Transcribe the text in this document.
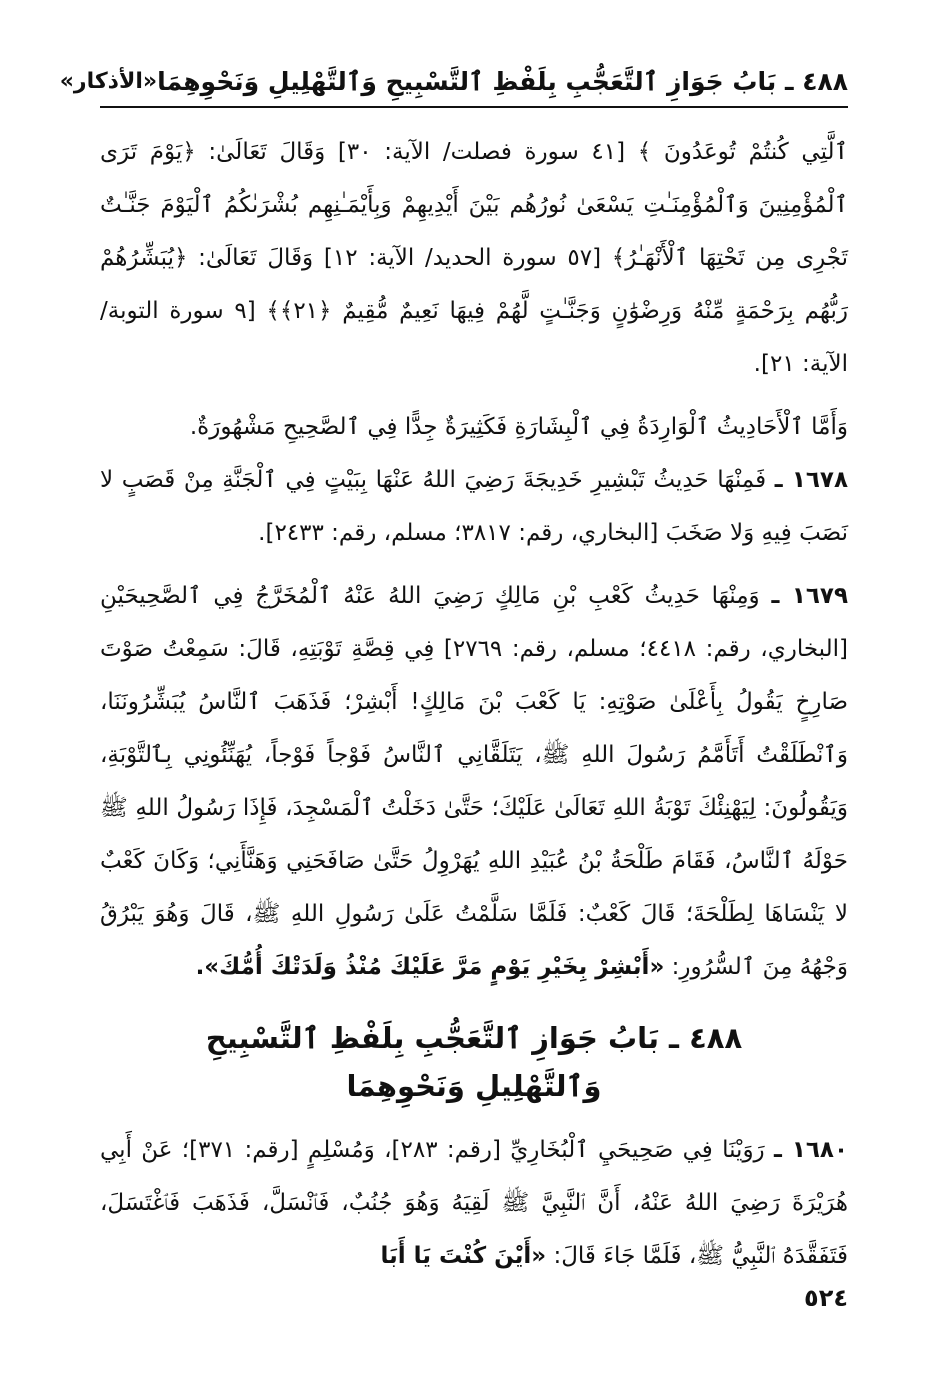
٤٨٨ ـ بَابُ جَوَازِ ٱلتَّعَجُّبِ بِلَفْظِ ٱلتَّسْبِيحِ وَٱلتَّهْلِيلِ وَنَحْوِهِمَا
«الأذكار»

ٱلَّتِي كُنتُمْ تُوعَدُونَ ﴾ [٤١ سورة فصلت/ الآية: ٣٠] وَقَالَ تَعَالَىٰ: ﴿يَوْمَ تَرَى ٱلْمُؤْمِنِينَ وَٱلْمُؤْمِنَـٰتِ يَسْعَىٰ نُورُهُم بَيْنَ أَيْدِيهِمْ وَبِأَيْمَـٰنِهِم بُشْرَىٰكُمُ ٱلْيَوْمَ جَنَّـٰتٌ تَجْرِى مِن تَحْتِهَا ٱلْأَنْهَـٰرُ﴾ [٥٧ سورة الحديد/ الآية: ١٢] وَقَالَ تَعَالَىٰ: ﴿يُبَشِّرُهُمْ رَبُّهُم بِرَحْمَةٍ مِّنْهُ وَرِضْوَٰنٍ وَجَنَّـٰتٍ لَّهُمْ فِيهَا نَعِيمٌ مُّقِيمٌ ﴿٢١﴾﴾ [٩ سورة التوبة/ الآية: ٢١].

وَأَمَّا ٱلْأَحَادِيثُ ٱلْوَارِدَةُ فِي ٱلْبِشَارَةِ فَكَثِيرَةٌ جِدًّا فِي ٱلصَّحِيحِ مَشْهُورَةٌ.

١٦٧٨ ـ فَمِنْهَا حَدِيثُ تَبْشِيرِ خَدِيجَةَ رَضِيَ اللهُ عَنْهَا بِبَيْتٍ فِي ٱلْجَنَّةِ مِنْ قَصَبٍ لا نَصَبَ فِيهِ وَلا صَخَبَ [البخاري، رقم: ٣٨١٧؛ مسلم، رقم: ٢٤٣٣].

١٦٧٩ ـ وَمِنْهَا حَدِيثُ كَعْبِ بْنِ مَالِكٍ رَضِيَ اللهُ عَنْهُ ٱلْمُخَرَّجُ فِي ٱلصَّحِيحَيْنِ [البخاري، رقم: ٤٤١٨؛ مسلم، رقم: ٢٧٦٩] فِي قِصَّةِ تَوْبَتِهِ، قَالَ: سَمِعْتُ صَوْتَ صَارِخٍ يَقُولُ بِأَعْلَىٰ صَوْتِهِ: يَا كَعْبَ بْنَ مَالِكٍ! أَبْشِرْ؛ فَذَهَبَ ٱلنَّاسُ يُبَشِّرُونَنَا، وَٱنْطَلَقْتُ أَتَأَمَّمُ رَسُولَ اللهِ ﷺ، يَتَلَقَّانِي ٱلنَّاسُ فَوْجاً فَوْجاً، يُهَنِّئُونِي بِٱلتَّوْبَةِ، وَيَقُولُونَ: لِيَهْنِئْكَ تَوْبَةُ اللهِ تَعَالَىٰ عَلَيْكَ؛ حَتَّىٰ دَخَلْتُ ٱلْمَسْجِدَ، فَإِذَا رَسُولُ اللهِ ﷺ حَوْلَهُ ٱلنَّاسُ، فَقَامَ طَلْحَةُ بْنُ عُبَيْدِ اللهِ يُهَرْوِلُ حَتَّىٰ صَافَحَنِي وَهَنَّأَنِي؛ وَكَانَ كَعْبٌ لا يَنْسَاهَا لِطَلْحَةَ؛ قَالَ كَعْبٌ: فَلَمَّا سَلَّمْتُ عَلَىٰ رَسُولِ اللهِ ﷺ، قَالَ وَهُوَ يَبْرُقُ وَجْهُهُ مِنَ ٱلسُّرُورِ: «أَبْشِرْ بِخَيْرِ يَوْمٍ مَرَّ عَلَيْكَ مُنْذُ وَلَدَتْكَ أُمُّكَ».

٤٨٨ ـ بَابُ جَوَازِ ٱلتَّعَجُّبِ بِلَفْظِ ٱلتَّسْبِيحِ
وَٱلتَّهْلِيلِ وَنَحْوِهِمَا

١٦٨٠ ـ رَوَيْنَا فِي صَحِيحَيِ ٱلْبُخَارِيِّ [رقم: ٢٨٣]، وَمُسْلِمٍ [رقم: ٣٧١]؛ عَنْ أَبِي هُرَيْرَةَ رَضِيَ اللهُ عَنْهُ، أَنَّ ٱلنَّبِيَّ ﷺ لَقِيَهُ وَهُوَ جُنُبٌ، فَٱنْسَلَّ، فَذَهَبَ فَٱغْتَسَلَ، فَتَفَقَّدَهُ ٱلنَّبِيُّ ﷺ، فَلَمَّا جَاءَ قَالَ: «أَيْنَ كُنْتَ يَا أَبَا

٥٢٤
